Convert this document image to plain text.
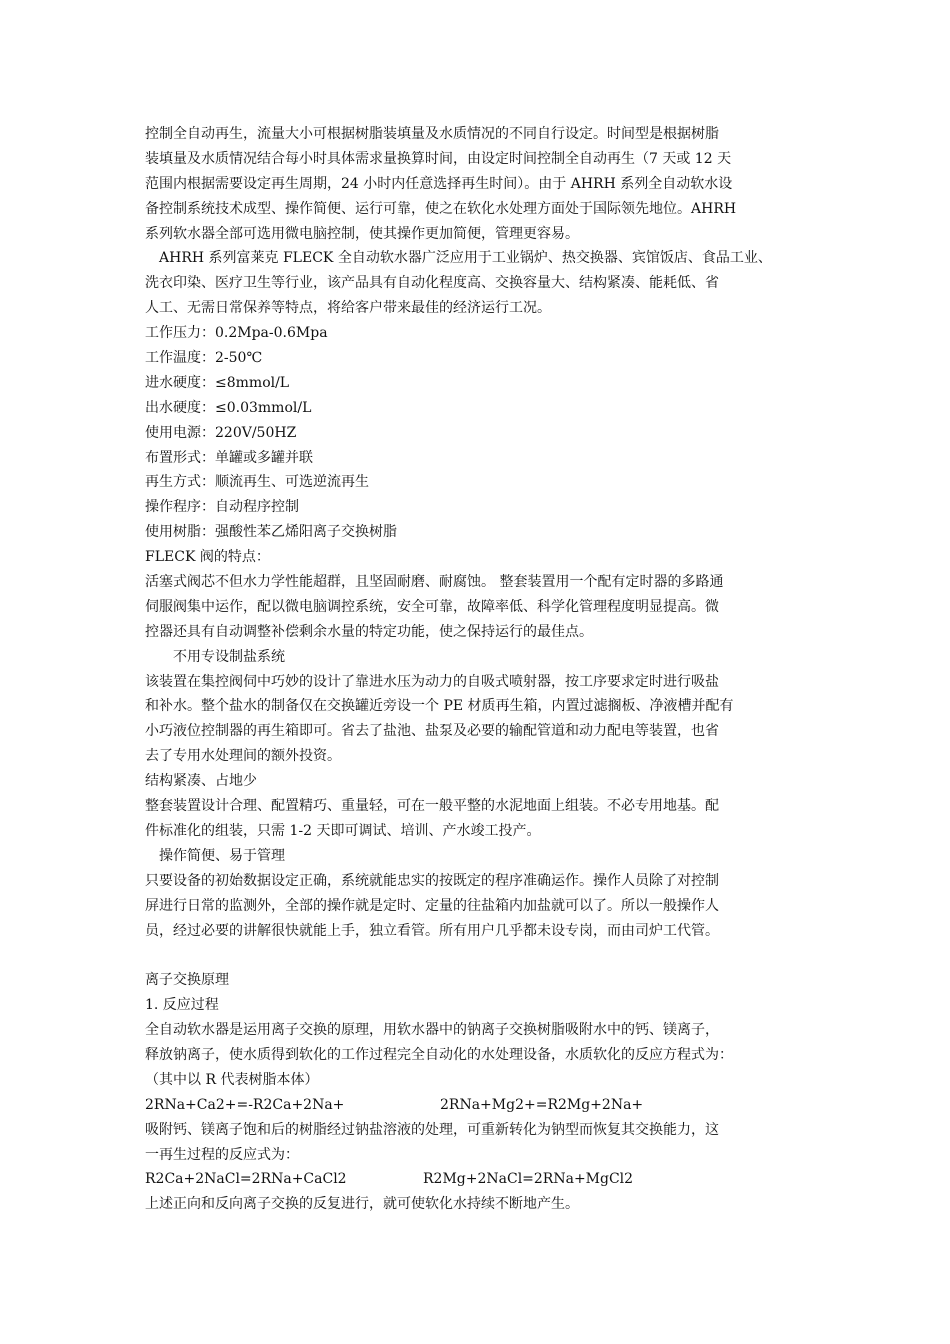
控制全自动再生，流量大小可根据树脂装填量及水质情况的不同自行设定。时间型是根据树脂
装填量及水质情况结合每小时具体需求量换算时间，由设定时间控制全自动再生（7 天或 12 天
范围内根据需要设定再生周期，24 小时内任意选择再生时间）。由于 AHRH 系列全自动软水设
备控制系统技术成型、操作简便、运行可靠，使之在软化水处理方面处于国际领先地位。AHRH
系列软水器全部可选用微电脑控制，使其操作更加简便，管理更容易。
AHRH 系列富莱克 FLECK 全自动软水器广泛应用于工业锅炉、热交换器、宾馆饭店、食品工业、
洗衣印染、医疗卫生等行业，该产品具有自动化程度高、交换容量大、结构紧凑、能耗低、省
人工、无需日常保养等特点，将给客户带来最佳的经济运行工况。
工作压力：0.2Mpa-0.6Mpa
工作温度：2-50℃
进水硬度：≤8mmol/L
出水硬度：≤0.03mmol/L
使用电源：220V/50HZ
布置形式：单罐或多罐并联
再生方式：顺流再生、可选逆流再生
操作程序：自动程序控制
使用树脂：强酸性苯乙烯阳离子交换树脂
FLECK 阀的特点：
活塞式阀芯不但水力学性能超群，且坚固耐磨、耐腐蚀。 整套装置用一个配有定时器的多路通
伺服阀集中运作，配以微电脑调控系统，安全可靠，故障率低、科学化管理程度明显提高。微
控器还具有自动调整补偿剩余水量的特定功能，使之保持运行的最佳点。
不用专设制盐系统
该装置在集控阀伺中巧妙的设计了靠进水压为动力的自吸式喷射器，按工序要求定时进行吸盐
和补水。整个盐水的制备仅在交换罐近旁设一个 PE 材质再生箱，内置过滤搁板、净液槽并配有
小巧液位控制器的再生箱即可。省去了盐池、盐泵及必要的输配管道和动力配电等装置，也省
去了专用水处理间的额外投资。
结构紧凑、占地少
整套装置设计合理、配置精巧、重量轻，可在一般平整的水泥地面上组装。不必专用地基。配
件标准化的组装，只需 1-2 天即可调试、培训、产水竣工投产。
操作简便、易于管理
只要设备的初始数据设定正确，系统就能忠实的按既定的程序准确运作。操作人员除了对控制
屏进行日常的监测外，全部的操作就是定时、定量的往盐箱内加盐就可以了。所以一般操作人
员，经过必要的讲解很快就能上手，独立看管。所有用户几乎都未设专岗，而由司炉工代管。
离子交换原理
1. 反应过程
全自动软水器是运用离子交换的原理，用软水器中的钠离子交换树脂吸附水中的钙、镁离子，
释放钠离子，使水质得到软化的工作过程完全自动化的水处理设备，水质软化的反应方程式为：
（其中以 R 代表树脂本体）
2RNa+Ca2+=-R2Ca+2Na+	2RNa+Mg2+=R2Mg+2Na+
吸附钙、镁离子饱和后的树脂经过钠盐溶液的处理，可重新转化为钠型而恢复其交换能力，这
一再生过程的反应式为：
R2Ca+2NaCl=2RNa+CaCl2	R2Mg+2NaCl=2RNa+MgCl2
上述正向和反向离子交换的反复进行，就可使软化水持续不断地产生。
